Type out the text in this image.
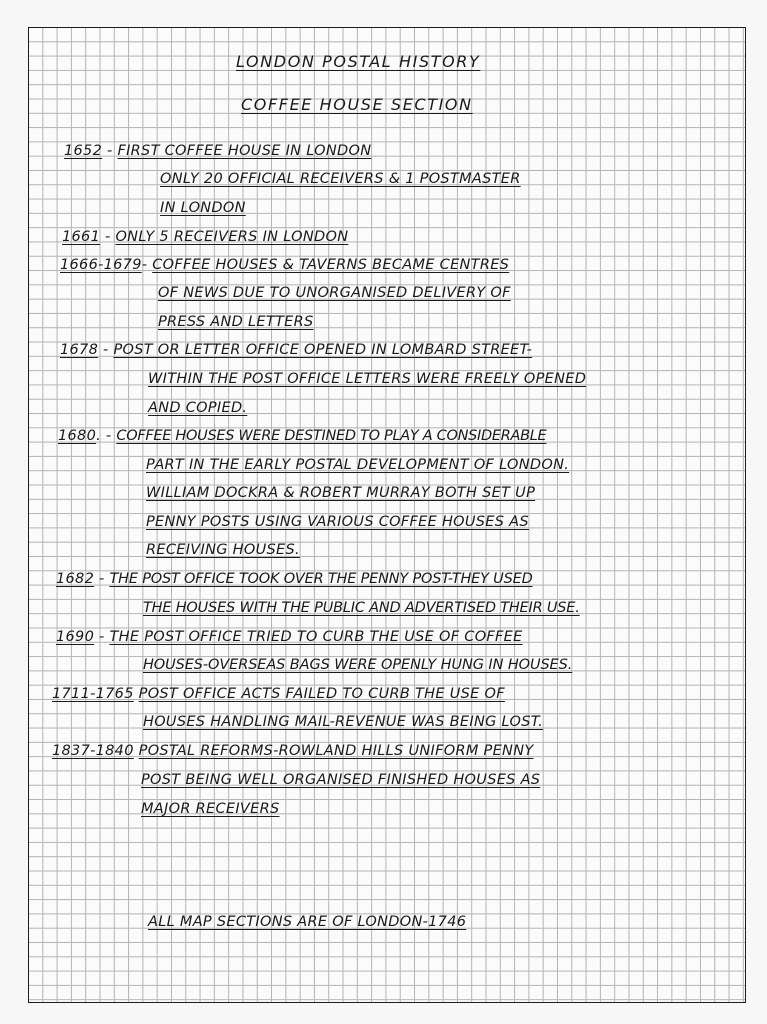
LONDON POSTAL HISTORY
COFFEE HOUSE SECTION
1652 - FIRST COFFEE HOUSE IN LONDON
ONLY 20 OFFICIAL RECEIVERS & 1 POSTMASTER
IN LONDON
1661 - ONLY 5 RECEIVERS IN LONDON
1666-1679- COFFEE HOUSES & TAVERNS BECAME CENTRES
OF NEWS DUE TO UNORGANISED DELIVERY OF
PRESS AND LETTERS
1678 - POST OR LETTER OFFICE OPENED IN LOMBARD STREET-
WITHIN THE POST OFFICE LETTERS WERE FREELY OPENED
AND COPIED.
1680. - COFFEE HOUSES WERE DESTINED TO PLAY A CONSIDERABLE
PART IN THE EARLY POSTAL DEVELOPMENT OF LONDON.
WILLIAM DOCKRA & ROBERT MURRAY BOTH SET UP
PENNY POSTS USING VARIOUS COFFEE HOUSES AS
RECEIVING HOUSES.
1682 - THE POST OFFICE TOOK OVER THE PENNY POST-THEY USED
THE HOUSES WITH THE PUBLIC AND ADVERTISED THEIR USE.
1690 - THE POST OFFICE TRIED TO CURB THE USE OF COFFEE
HOUSES-OVERSEAS BAGS WERE OPENLY HUNG IN HOUSES.
1711-1765 POST OFFICE ACTS FAILED TO CURB THE USE OF
HOUSES HANDLING MAIL-REVENUE WAS BEING LOST.
1837-1840 POSTAL REFORMS-ROWLAND HILLS UNIFORM PENNY
POST BEING WELL ORGANISED FINISHED HOUSES AS
MAJOR RECEIVERS
ALL MAP SECTIONS ARE OF LONDON-1746
